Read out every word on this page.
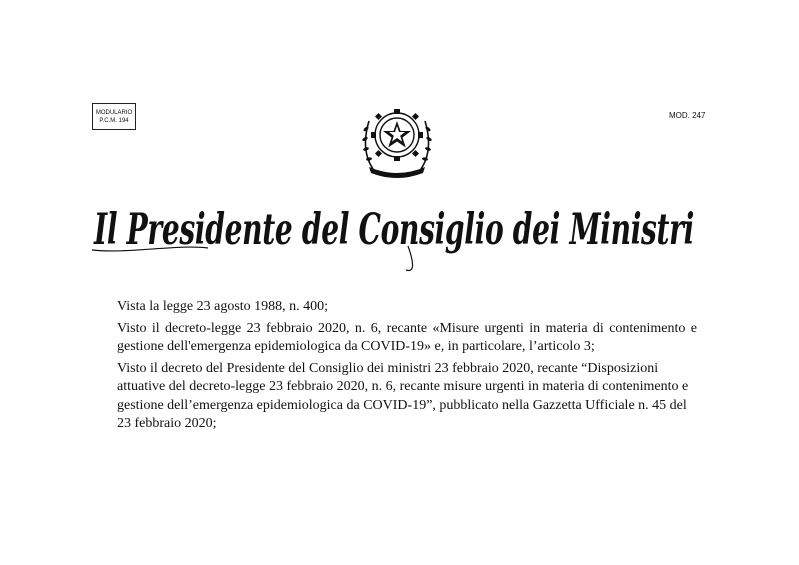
MODULARIO
P.C.M. 194
MOD. 247
Il Presidente del Consiglio dei Ministri

Vista la legge 23 agosto 1988, n. 400;

Visto il decreto-legge 23 febbraio 2020, n. 6, recante «Misure urgenti in materia di contenimento e gestione dell'emergenza epidemiologica da COVID-19» e, in particolare, l’articolo 3;

Visto il decreto del Presidente del Consiglio dei ministri 23 febbraio 2020, recante “Disposizioni attuative del decreto-legge 23 febbraio 2020, n. 6, recante misure urgenti in materia di contenimento e gestione dell’emergenza epidemiologica da COVID-19”, pubblicato nella Gazzetta Ufficiale n. 45 del 23 febbraio 2020;
